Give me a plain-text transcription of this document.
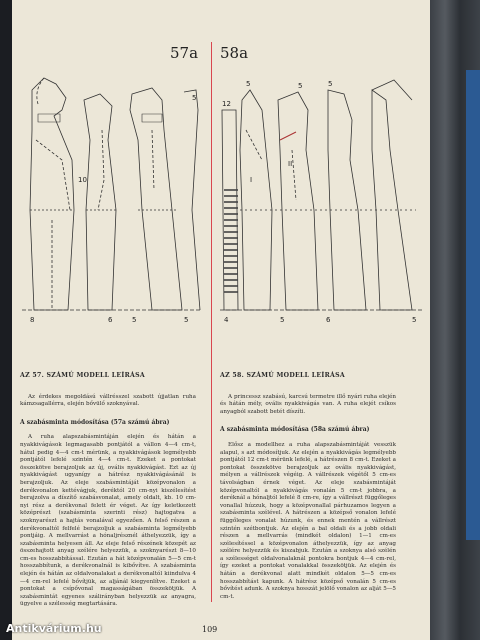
57a 58a
10
8	6	5	5
5
5
12
5
II
I
5
4	5	6	5
AZ 57. SZÁMÚ MODELL LEÍRÁSA

Az érdekes megoldású vállrésszel szabott újjatlan ruha kámzsagallérra, elején bővülő szoknyával.

A szabásminta módosítása (57a számú ábra)

A ruha alapszabásmintáján elején és hátán a nyakkivágások legmagasabb pontjától a vállon 4—4 cm-t, hátul pedig 4—4 cm-t mérünk, a nyakkivágások legmélyebb pontjától lefelé szintén 4—4 cm-t. Ezeket a pontokat összekötve berajzoljuk az új, ovális nyakkivágást. Ezt az új nyakkivágást ugyanígy a hátrész nyakkivágásánál is berajzoljuk. Az eleje szabásmintáját középvonalon a derékvonalon kettévágjuk, deréktól 20 cm-nyi kiszélesítést berajzolva a díszítő szabásvonalat, amely oldalt, kb. 10 cm-nyi rész a derékvonal felett ér véget. Az így keletkezett középrészt (szabásminta szerinti rész) hajtogatva a szoknyarészt a hajtás vonalával egyezően. A felső részen a derékvonaltól felfelé berajzoljuk a szabásminta legmélyebb pontjáig. A mellvarrást a hónaljrésznél áthelyezzük, így a szabásminta helyesen áll. Az eleje felső részének közepét az összehajtott anyag szélére helyezzük, a szoknyarészt 8—10 cm-es hosszabbítással. Ezután a hát középvonalán 5—5 cm-t hosszabbítunk, a derékvonalnál is kibővítve. A szabásminta elején és hátán az oldalvonalakat a derékvonaltól kiindulva 4—4 cm-rel lefelé bővítjük, az aljánál kiegyenlítve. Ezeket a pontokat a csípővonal magasságában összekötjük. A szabásmintát egyenes szálirányban helyezzük az anyagra, ügyelve a szélesség megtartására.

AZ 58. SZÁMÚ MODELL LEÍRÁSA

A princessz szabású, karcsú termetre illő nyári ruha elején és hátán mély, ovális nyakkivágás van. A ruha elejét csíkos anyagból szabott betét díszíti.

A szabásminta módosítása (58a számú ábra)

Elősz a modellhez a ruha alapszabásmintáját vesszük alapul, s azt módosítjuk. Az elején a nyakkivágás legmélyebb pontjától 12 cm-t mérünk lefelé, a hátrészen 8 cm-t. Ezeket a pontokat összekötve berajzoljuk az ovális nyakkivágást, mélyen a vállrészek végéig. A vállrészek végétől 5 cm-es távolságban érnek véget. Az eleje szabásmintáját középvonaltól a nyakkivágás vonalán 5 cm-t jobbra, a deréknál a hónaljtól lefelé 8 cm-re, így a vállrészt függőleges vonallal húzzuk, hogy a középvonallal párhuzamos legyen a szabásminta szélével. A hátrészen a középső vonalon lefelé függőleges vonalat húzunk, és ennek mentén a vállrészt szintén szétbontjuk. Az elején a bal oldali és a jobb oldali részen a mellvarrás (mindkét oldalon) 1—1 cm-es szélesítéssel a középvonalon áthelyezzük, így az anyag szélére helyezzük és kiszabjuk. Ezután a szoknya alsó szélén a szélességet oldalvonalaknál pontokra bontjuk 4—4 cm-rel, így ezeket a pontokat vonalakkal összekötjük. Az elején és hátán a derékvonal alatt mindkét oldalon 5—5 cm-es hosszabbítást kapunk. A hátrész középső vonalán 5 cm-es bővítést adunk. A szoknya hosszát jelölő vonalon az alját 5—5 cm-t.

109
Antikvárium.hu
